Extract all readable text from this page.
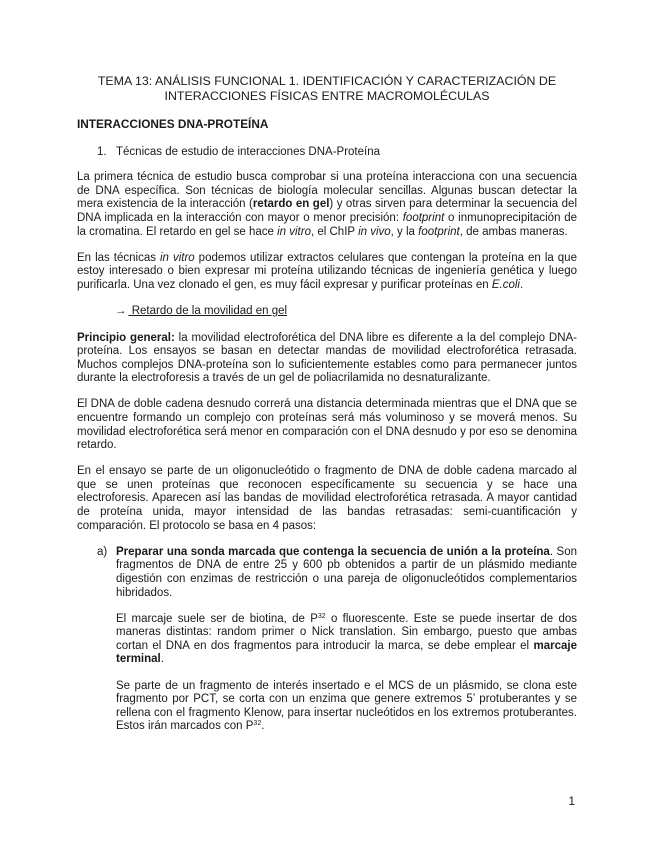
TEMA 13: ANÁLISIS FUNCIONAL 1. IDENTIFICACIÓN Y CARACTERIZACIÓN DE
INTERACCIONES FÍSICAS ENTRE MACROMOLÉCULAS
INTERACCIONES DNA-PROTEÍNA
1. Técnicas de estudio de interacciones DNA-Proteína

La primera técnica de estudio busca comprobar si una proteína interacciona con una secuencia de DNA específica. Son técnicas de biología molecular sencillas. Algunas buscan detectar la mera existencia de la interacción (retardo en gel) y otras sirven para determinar la secuencia del DNA implicada en la interacción con mayor o menor precisión: footprint o inmunoprecipitación de la cromatina. El retardo en gel se hace in vitro, el ChIP in vivo, y la footprint, de ambas maneras.

En las técnicas in vitro podemos utilizar extractos celulares que contengan la proteína en la que estoy interesado o bien expresar mi proteína utilizando técnicas de ingeniería genética y luego purificarla. Una vez clonado el gen, es muy fácil expresar y purificar proteínas en E.coli.

→ Retardo de la movilidad en gel

Principio general: la movilidad electroforética del DNA libre es diferente a la del complejo DNA-proteína. Los ensayos se basan en detectar mandas de movilidad electroforética retrasada. Muchos complejos DNA-proteína son lo suficientemente estables como para permanecer juntos durante la electroforesis a través de un gel de poliacrilamida no desnaturalizante.

El DNA de doble cadena desnudo correrá una distancia determinada mientras que el DNA que se encuentre formando un complejo con proteínas será más voluminoso y se moverá menos. Su movilidad electroforética será menor en comparación con el DNA desnudo y por eso se denomina retardo.

En el ensayo se parte de un oligonucleótido o fragmento de DNA de doble cadena marcado al que se unen proteínas que reconocen específicamente su secuencia y se hace una electroforesis. Aparecen así las bandas de movilidad electroforética retrasada. A mayor cantidad de proteína unida, mayor intensidad de las bandas retrasadas: semi-cuantificación y comparación. El protocolo se basa en 4 pasos:

a) Preparar una sonda marcada que contenga la secuencia de unión a la proteína. Son fragmentos de DNA de entre 25 y 600 pb obtenidos a partir de un plásmido mediante digestión con enzimas de restricción o una pareja de oligonucleótidos complementarios hibridados.

El marcaje suele ser de biotina, de $P^{32}$ o fluorescente. Este se puede insertar de dos maneras distintas: random primer o Nick translation. Sin embargo, puesto que ambas cortan el DNA en dos fragmentos para introducir la marca, se debe emplear el marcaje terminal.

Se parte de un fragmento de interés insertado e el MCS de un plásmido, se clona este fragmento por PCT, se corta con un enzima que genere extremos 5’ protuberantes y se rellena con el fragmento Klenow, para insertar nucleótidos en los extremos protuberantes. Estos irán marcados con $P^{32}$.

1
